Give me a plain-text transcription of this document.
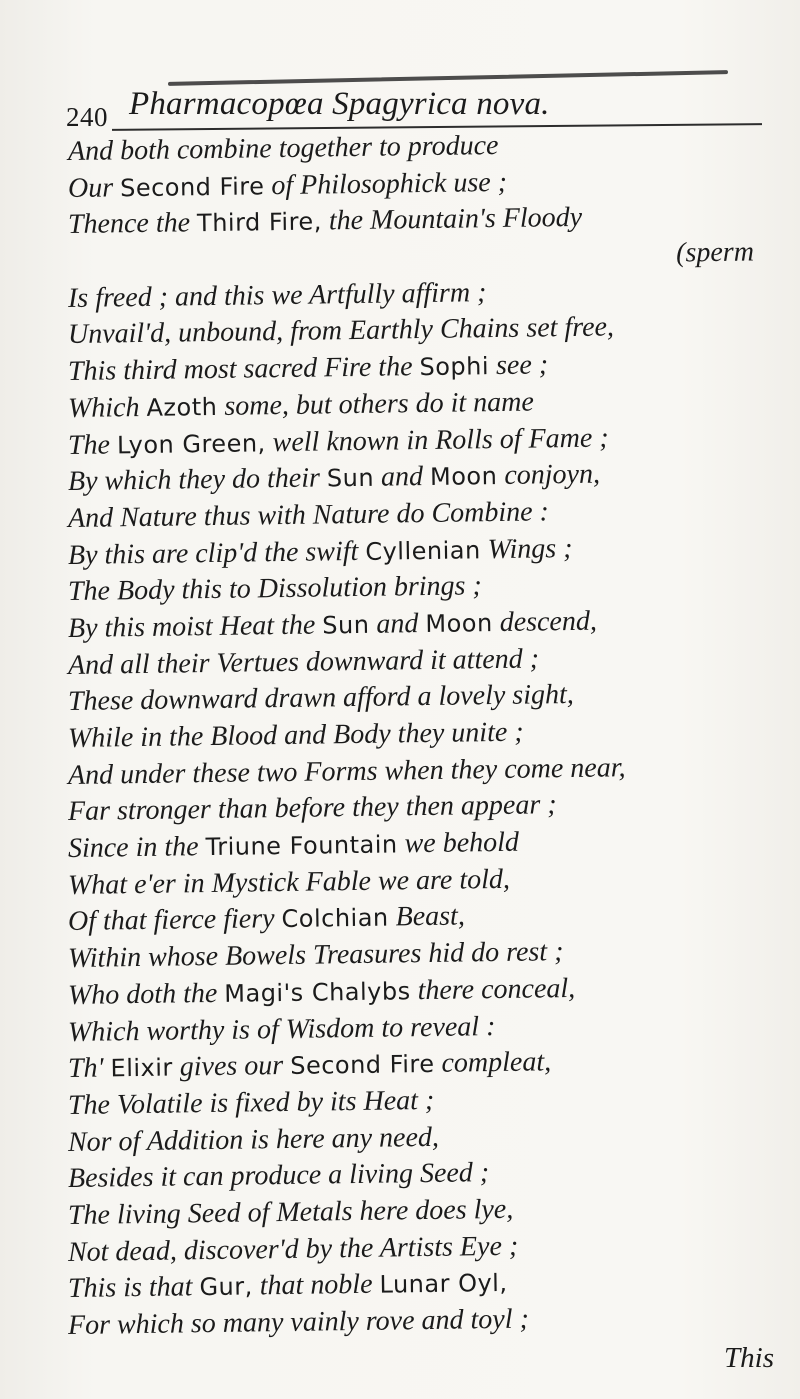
240 Pharmacopœa Spagyrica nova.
And both combine together to produce
Our Second Fire of Philosophick use ;
Thence the Third Fire, the Mountain's Floody
(sperm
Is freed ; and this we Artfully affirm ;
Unvail'd, unbound, from Earthly Chains set free,
This third most sacred Fire the Sophi see ;
Which Azoth some, but others do it name
The Lyon Green, well known in Rolls of Fame ;
By which they do their Sun and Moon conjoyn,
And Nature thus with Nature do Combine :
By this are clip'd the swift Cyllenian Wings ;
The Body this to Dissolution brings ;
By this moist Heat the Sun and Moon descend,
And all their Vertues downward it attend ;
These downward drawn afford a lovely sight,
While in the Blood and Body they unite ;
And under these two Forms when they come near,
Far stronger than before they then appear ;
Since in the Triune Fountain we behold
What e'er in Mystick Fable we are told,
Of that fierce fiery Colchian Beast,
Within whose Bowels Treasures hid do rest ;
Who doth the Magi's Chalybs there conceal,
Which worthy is of Wisdom to reveal :
Th' Elixir gives our Second Fire compleat,
The Volatile is fixed by its Heat ;
Nor of Addition is here any need,
Besides it can produce a living Seed ;
The living Seed of Metals here does lye,
Not dead, discover'd by the Artists Eye ;
This is that Gur, that noble Lunar Oyl,
For which so many vainly rove and toyl ;
This
